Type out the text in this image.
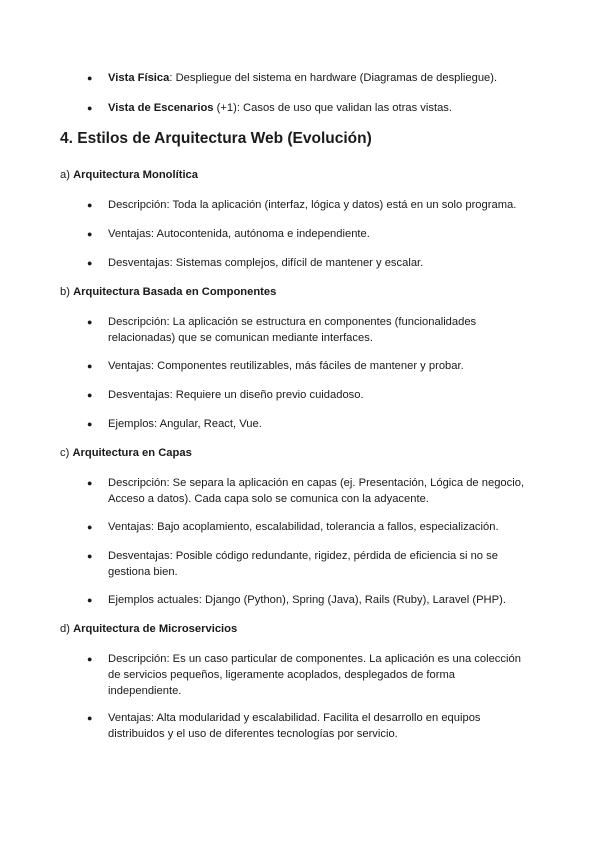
● Vista Física: Despliegue del sistema en hardware (Diagramas de despliegue).
● Vista de Escenarios (+1): Casos de uso que validan las otras vistas.
4. Estilos de Arquitectura Web (Evolución)
a) Arquitectura Monolítica
● Descripción: Toda la aplicación (interfaz, lógica y datos) está en un solo programa.
● Ventajas: Autocontenida, autónoma e independiente.
● Desventajas: Sistemas complejos, difícil de mantener y escalar.
b) Arquitectura Basada en Componentes
● Descripción: La aplicación se estructura en componentes (funcionalidades relacionadas) que se comunican mediante interfaces.
● Ventajas: Componentes reutilizables, más fáciles de mantener y probar.
● Desventajas: Requiere un diseño previo cuidadoso.
● Ejemplos: Angular, React, Vue.
c) Arquitectura en Capas
● Descripción: Se separa la aplicación en capas (ej. Presentación, Lógica de negocio, Acceso a datos). Cada capa solo se comunica con la adyacente.
● Ventajas: Bajo acoplamiento, escalabilidad, tolerancia a fallos, especialización.
● Desventajas: Posible código redundante, rigidez, pérdida de eficiencia si no se gestiona bien.
● Ejemplos actuales: Django (Python), Spring (Java), Rails (Ruby), Laravel (PHP).
d) Arquitectura de Microservicios
● Descripción: Es un caso particular de componentes. La aplicación es una colección de servicios pequeños, ligeramente acoplados, desplegados de forma independiente.
● Ventajas: Alta modularidad y escalabilidad. Facilita el desarrollo en equipos distribuidos y el uso de diferentes tecnologías por servicio.
